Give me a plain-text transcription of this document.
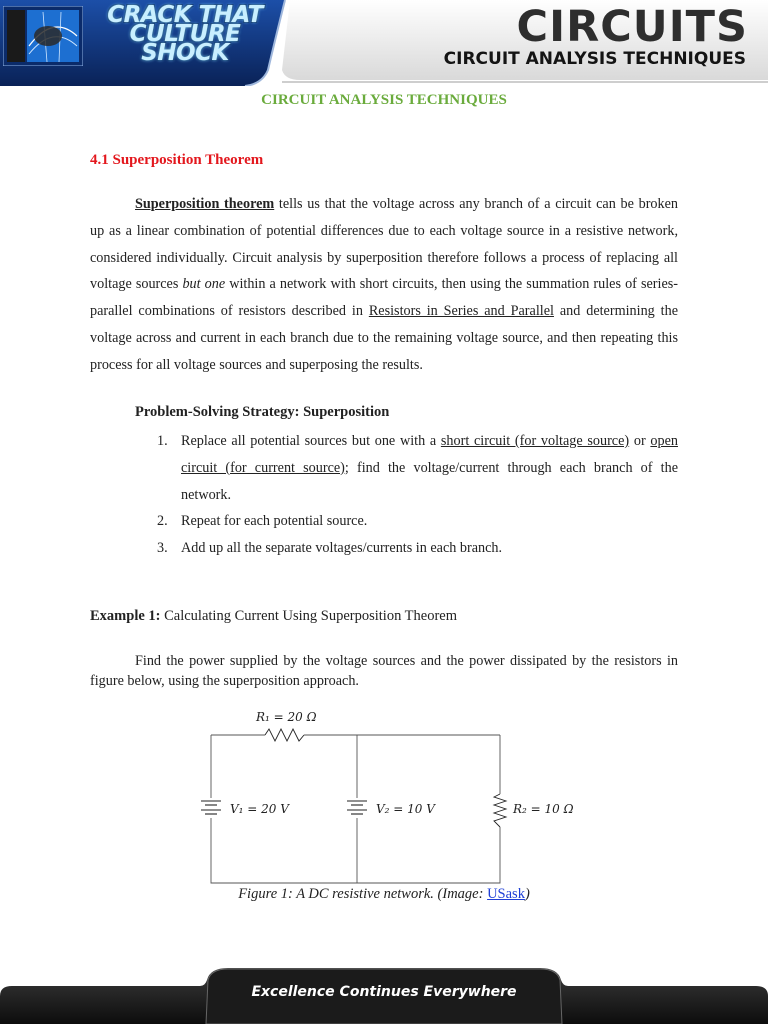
CRACK THAT
CULTURE
SHOCK
CIRCUITS
CIRCUIT ANALYSIS TECHNIQUES
CIRCUIT ANALYSIS TECHNIQUES
4.1 Superposition Theorem
Superposition theorem tells us that the voltage across any branch of a circuit can be broken up as a linear combination of potential differences due to each voltage source in a resistive network, considered individually. Circuit analysis by superposition therefore follows a process of replacing all voltage sources but one within a network with short circuits, then using the summation rules of series-parallel combinations of resistors described in Resistors in Series and Parallel and determining the voltage across and current in each branch due to the remaining voltage source, and then repeating this process for all voltage sources and superposing the results.
Problem-Solving Strategy: Superposition
1. Replace all potential sources but one with a short circuit (for voltage source) or open circuit (for current source); find the voltage/current through each branch of the network.
2. Repeat for each potential source.
3. Add up all the separate voltages/currents in each branch.
Example 1: Calculating Current Using Superposition Theorem
Find the power supplied by the voltage sources and the power dissipated by the resistors in figure below, using the superposition approach.
R₁ = 20 Ω
V₁ = 20 V	V₂ = 10 V	R₂ = 10 Ω
Figure 1: A DC resistive network. (Image: USask)
Excellence Continues Everywhere
